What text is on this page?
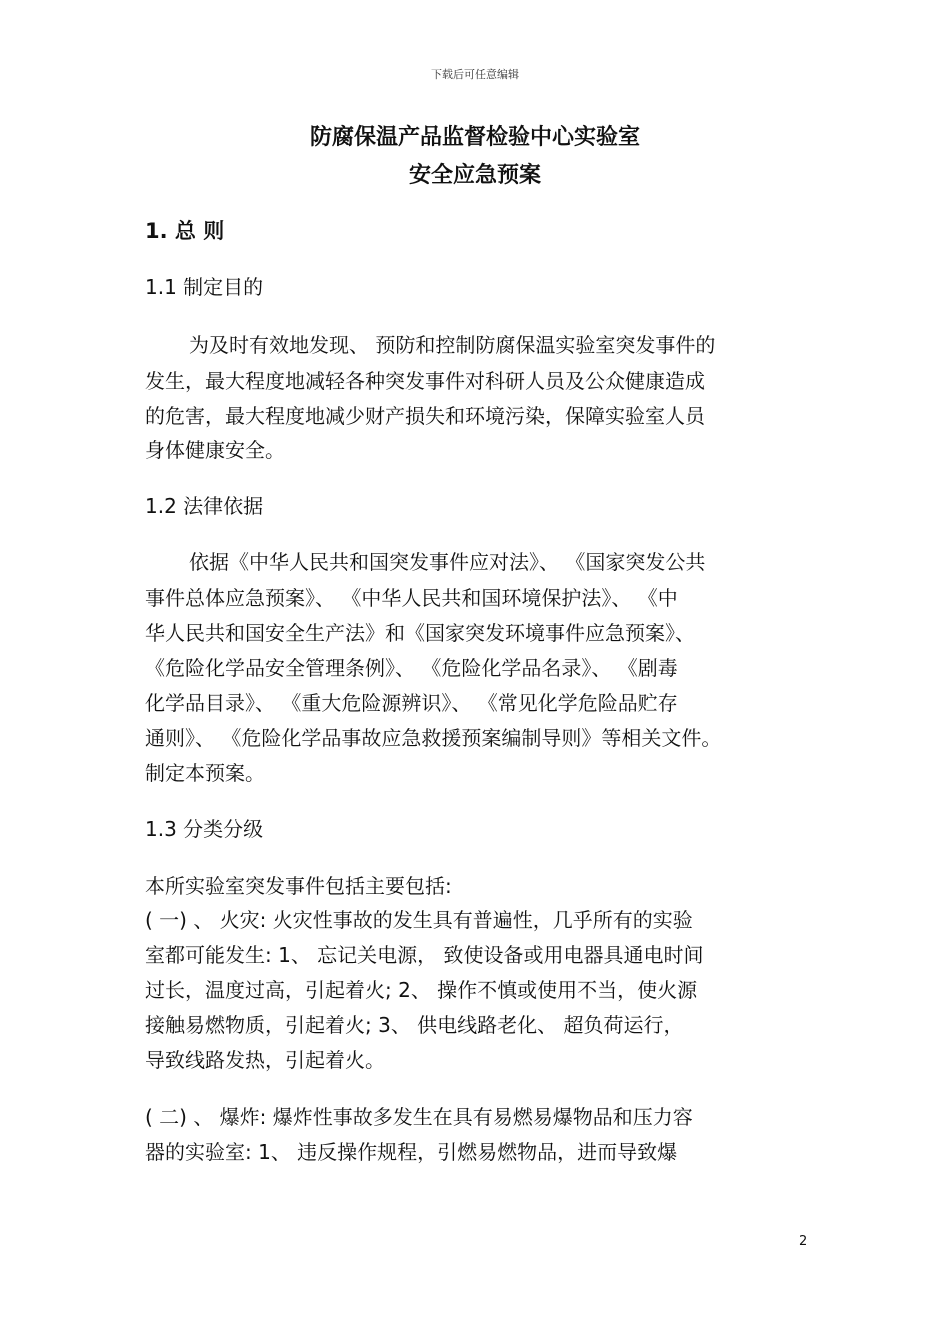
下载后可任意编辑
防腐保温产品监督检验中心实验室
安全应急预案
1. 总 则
1.1 制定目的
为及时有效地发现、 预防和控制防腐保温实验室突发事件的
发生，最大程度地减轻各种突发事件对科研人员及公众健康造成
的危害，最大程度地减少财产损失和环境污染，保障实验室人员
身体健康安全。
1.2 法律依据
依据《中华人民共和国突发事件应对法》、 《国家突发公共
事件总体应急预案》、 《中华人民共和国环境保护法》、 《中
华人民共和国安全生产法》和《国家突发环境事件应急预案》、
《危险化学品安全管理条例》、 《危险化学品名录》、 《剧毒
化学品目录》、 《重大危险源辨识》、 《常见化学危险品贮存
通则》、 《危险化学品事故应急救援预案编制导则》等相关文件。
制定本预案。
1.3 分类分级
本所实验室突发事件包括主要包括:
( 一) 、 火灾: 火灾性事故的发生具有普遍性，几乎所有的实验
室都可能发生: 1、 忘记关电源， 致使设备或用电器具通电时间
过长，温度过高，引起着火; 2、 操作不慎或使用不当，使火源
接触易燃物质，引起着火; 3、 供电线路老化、 超负荷运行，
导致线路发热，引起着火。
( 二) 、 爆炸: 爆炸性事故多发生在具有易燃易爆物品和压力容
器的实验室: 1、 违反操作规程，引燃易燃物品，进而导致爆
2
